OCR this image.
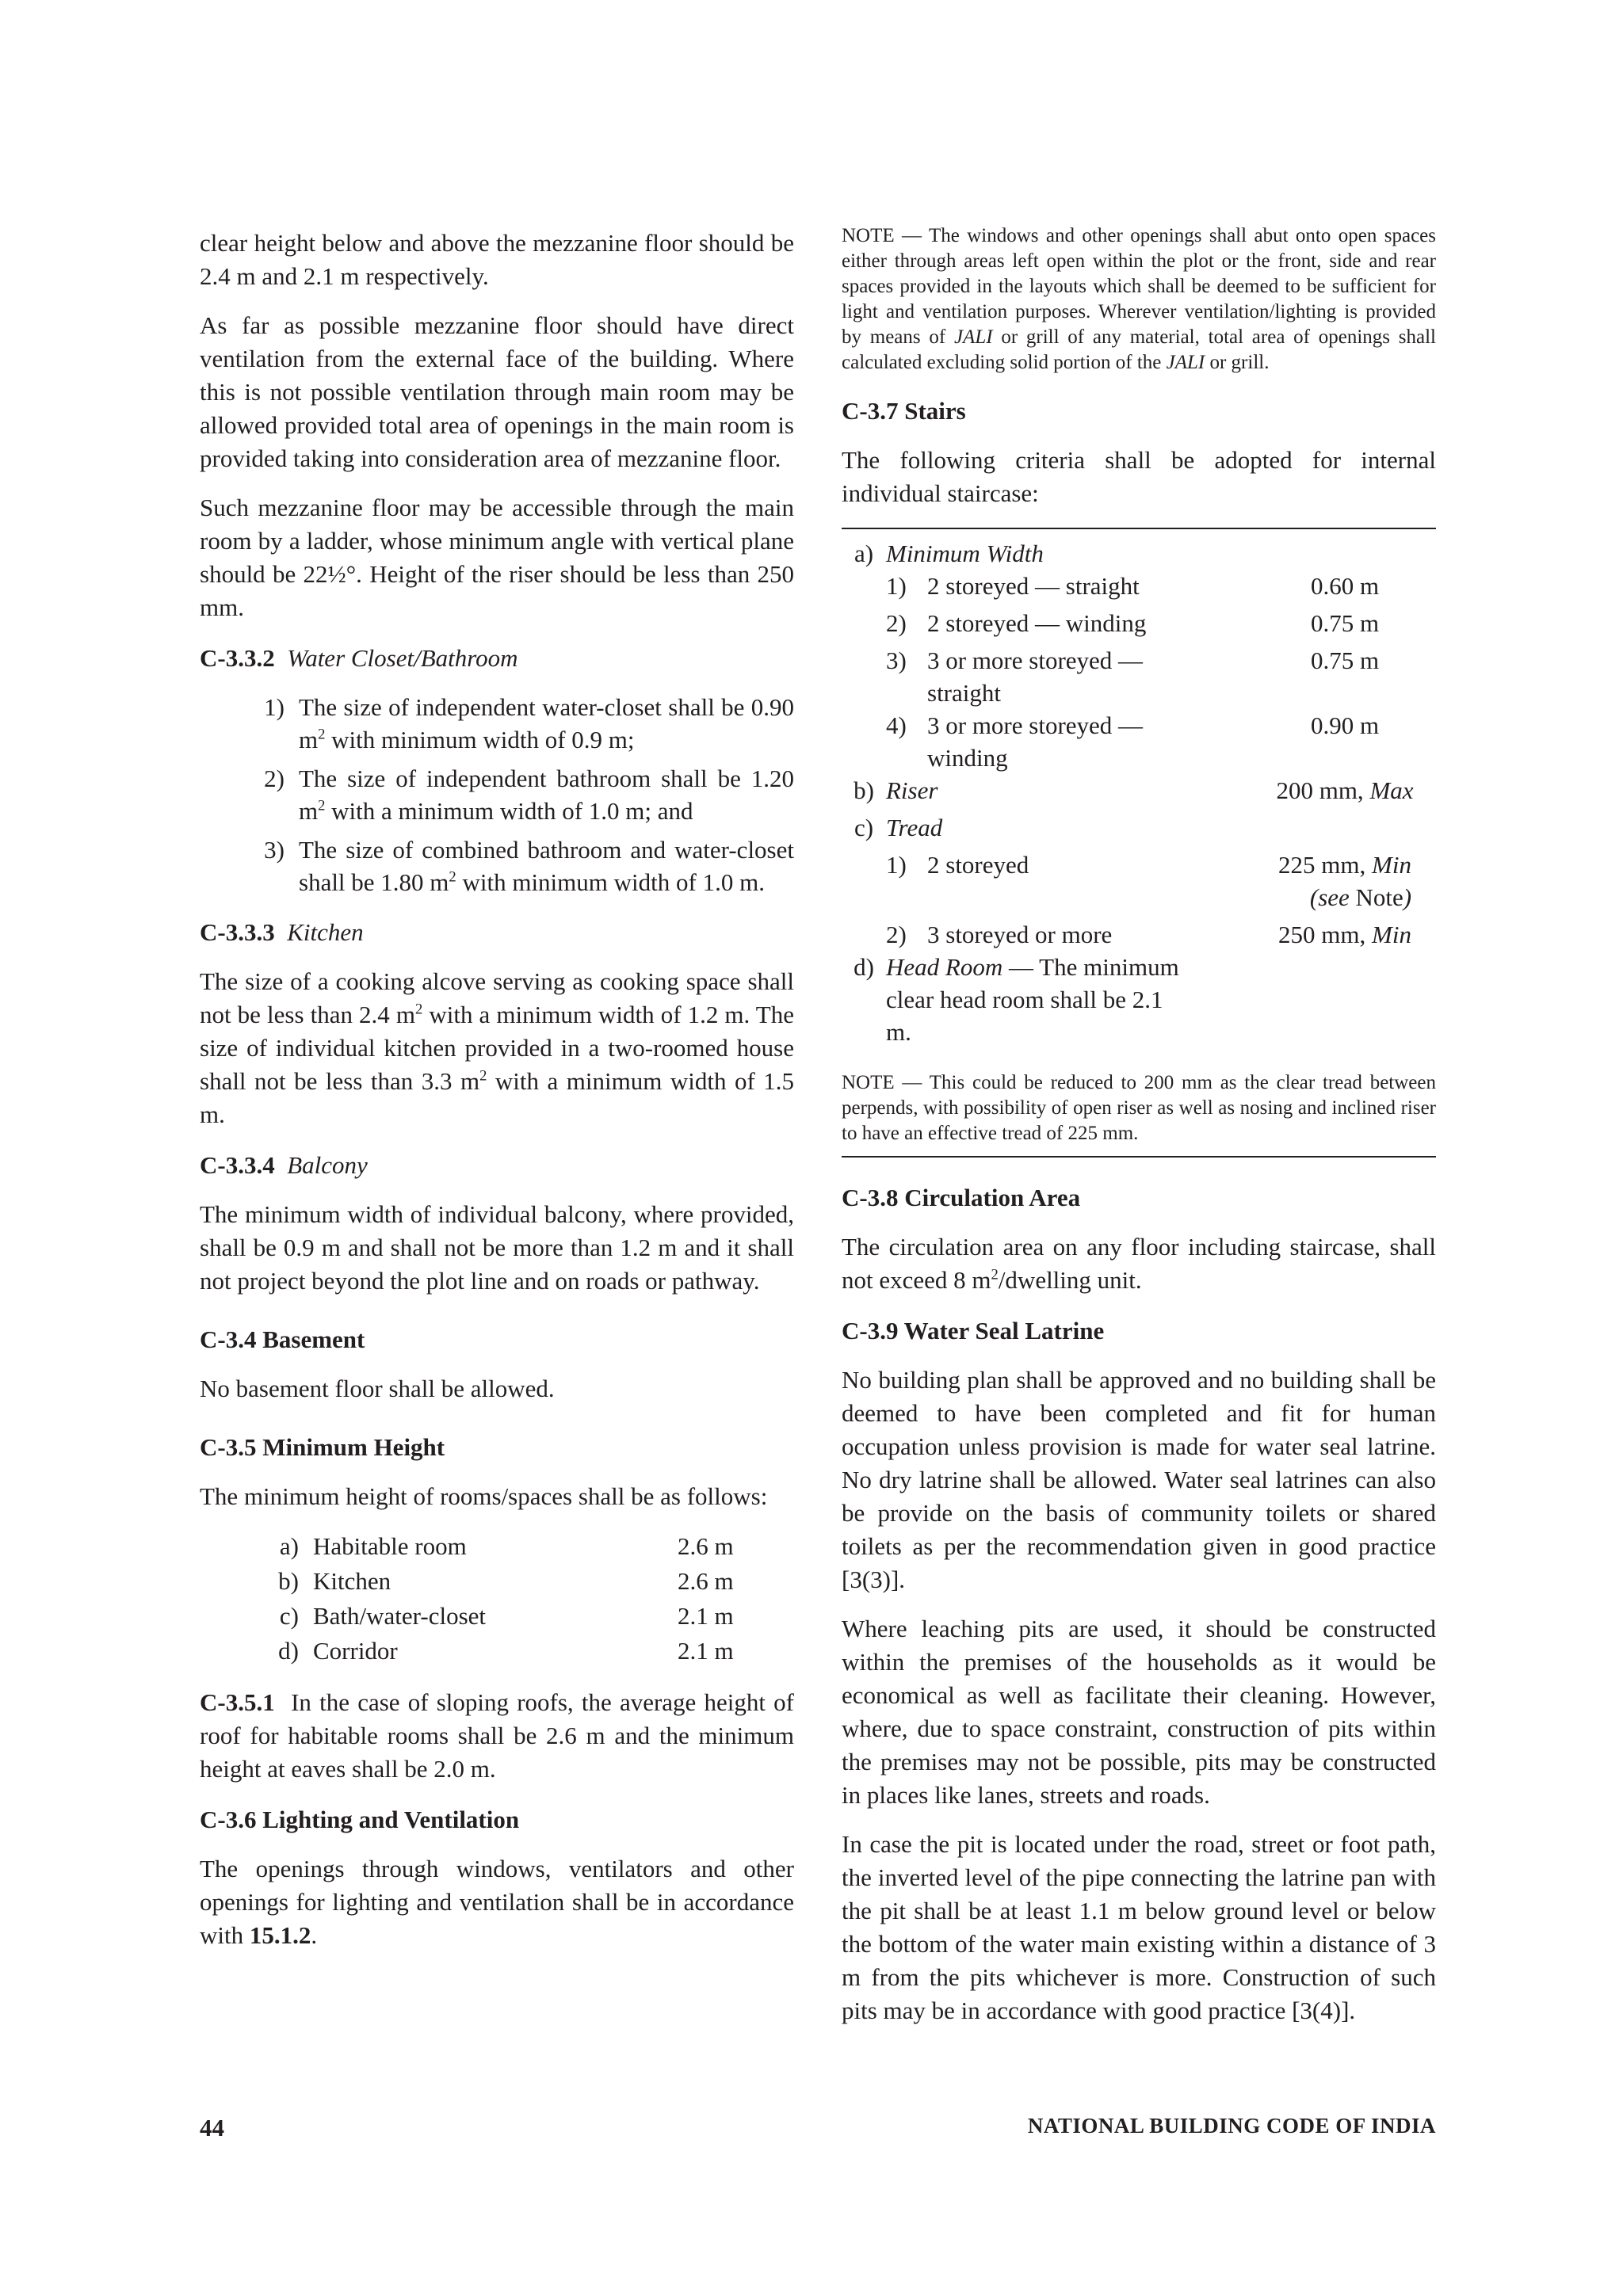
clear height below and above the mezzanine floor should be 2.4 m and 2.1 m respectively.

As far as possible mezzanine floor should have direct ventilation from the external face of the building. Where this is not possible ventilation through main room may be allowed provided total area of openings in the main room is provided taking into consideration area of mezzanine floor.

Such mezzanine floor may be accessible through the main room by a ladder, whose minimum angle with vertical plane should be 22½°. Height of the riser should be less than 250 mm.

C-3.3.2 Water Closet/Bathroom

1) The size of independent water-closet shall be 0.90 $m^2$ with minimum width of 0.9 m;
2) The size of independent bathroom shall be 1.20 $m^2$ with a minimum width of 1.0 m; and
3) The size of combined bathroom and water-closet shall be 1.80 $m^2$ with minimum width of 1.0 m.

C-3.3.3 Kitchen

The size of a cooking alcove serving as cooking space shall not be less than 2.4 $m^2$ with a minimum width of 1.2 m. The size of individual kitchen provided in a two-roomed house shall not be less than 3.3 $m^2$ with a minimum width of 1.5 m.

C-3.3.4 Balcony

The minimum width of individual balcony, where provided, shall be 0.9 m and shall not be more than 1.2 m and it shall not project beyond the plot line and on roads or pathway.

C-3.4 Basement

No basement floor shall be allowed.

C-3.5 Minimum Height

The minimum height of rooms/spaces shall be as follows:

a)	Habitable room	2.6 m
b)	Kitchen	2.6 m
c)	Bath/water-closet	2.1 m
d)	Corridor	2.1 m

C-3.5.1 In the case of sloping roofs, the average height of roof for habitable rooms shall be 2.6 m and the minimum height at eaves shall be 2.0 m.

C-3.6 Lighting and Ventilation

The openings through windows, ventilators and other openings for lighting and ventilation shall be in accordance with 15.1.2.

NOTE — The windows and other openings shall abut onto open spaces either through areas left open within the plot or the front, side and rear spaces provided in the layouts which shall be deemed to be sufficient for light and ventilation purposes. Wherever ventilation/lighting is provided by means of JALI or grill of any material, total area of openings shall calculated excluding solid portion of the JALI or grill.

C-3.7 Stairs

The following criteria shall be adopted for internal individual staircase:

a)	Minimum Width		
	1)	2 storeyed — straight	0.60 m
	2)	2 storeyed — winding	0.75 m
	3)	3 or more storeyed — straight	0.75 m
	4)	3 or more storeyed — winding	0.90 m
b)	Riser		200 mm, Max
c)	Tread		
	1)	2 storeyed	225 mm, Min
(see Note)
	2)	3 storeyed or more	250 mm, Min
d)	Head Room — The minimum clear head room shall be 2.1 m.		

NOTE — This could be reduced to 200 mm as the clear tread between perpends, with possibility of open riser as well as nosing and inclined riser to have an effective tread of 225 mm.

C-3.8 Circulation Area

The circulation area on any floor including staircase, shall not exceed 8 $m^2$/dwelling unit.

C-3.9 Water Seal Latrine

No building plan shall be approved and no building shall be deemed to have been completed and fit for human occupation unless provision is made for water seal latrine. No dry latrine shall be allowed. Water seal latrines can also be provide on the basis of community toilets or shared toilets as per the recommendation given in good practice [3(3)].

Where leaching pits are used, it should be constructed within the premises of the households as it would be economical as well as facilitate their cleaning. However, where, due to space constraint, construction of pits within the premises may not be possible, pits may be constructed in places like lanes, streets and roads.

In case the pit is located under the road, street or foot path, the inverted level of the pipe connecting the latrine pan with the pit shall be at least 1.1 m below ground level or below the bottom of the water main existing within a distance of 3 m from the pits whichever is more. Construction of such pits may be in accordance with good practice [3(4)].

44	NATIONAL BUILDING CODE OF INDIA
